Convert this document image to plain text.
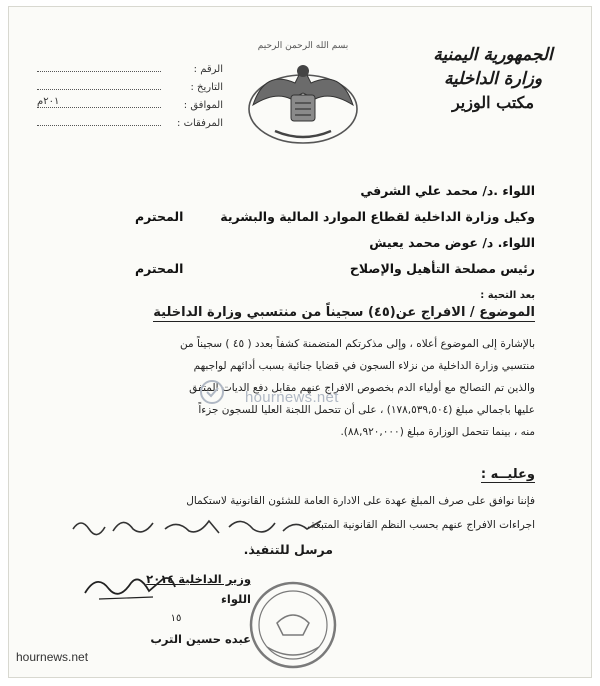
الجمهورية اليمنية
وزارة الداخلية
مكتب الوزير
بسم الله الرحمن الرحيم
الرقم :
التاريخ :
الموافق :
٢٠١م
المرفقات :
اللواء .د/ محمد علي الشرفي
وكيل وزارة الداخلية لقطاع الموارد المالية والبشرية
المحترم
اللواء. د/ عوض محمد يعيش
رئيس مصلحة التأهيل والإصلاح
المحترم
بعد التحية :
الموضوع / الافراج عن(٤٥) سجيناً من منتسبي وزارة الداخلية
بالإشارة إلى الموضوع أعلاه ، وإلى مذكرتكم المتضمنة كشفاً بعدد ( ٤٥ ) سجيناً من
منتسبي وزارة الداخلية من نزلاء السجون في قضايا جنائية بسبب أدائهم لواجبهم
والذين تم التصالح مع أولياء الدم بخصوص الافراج عنهم مقابل دفع الديات المتفق
عليها باجمالي مبلغ (١٧٨,٥٣٩,٥٠٤) ، على أن تتحمل اللجنة العليا للسجون جزءاً
منه ، بينما تتحمل الوزارة مبلغ (٨٨,٩٢٠,٠٠٠).
hournews.net
وعليــه :
فإننا نوافق على صرف المبلغ عهدة على الادارة العامة للشئون القانونية لاستكمال
اجراءات الافراج عنهم بحسب النظم القانونية المتبعة.
مرسل للتنفيذ.
وزير الداخلية ٢٠١٤
اللواء
١٥
عبده حسين الترب
hournews.net
